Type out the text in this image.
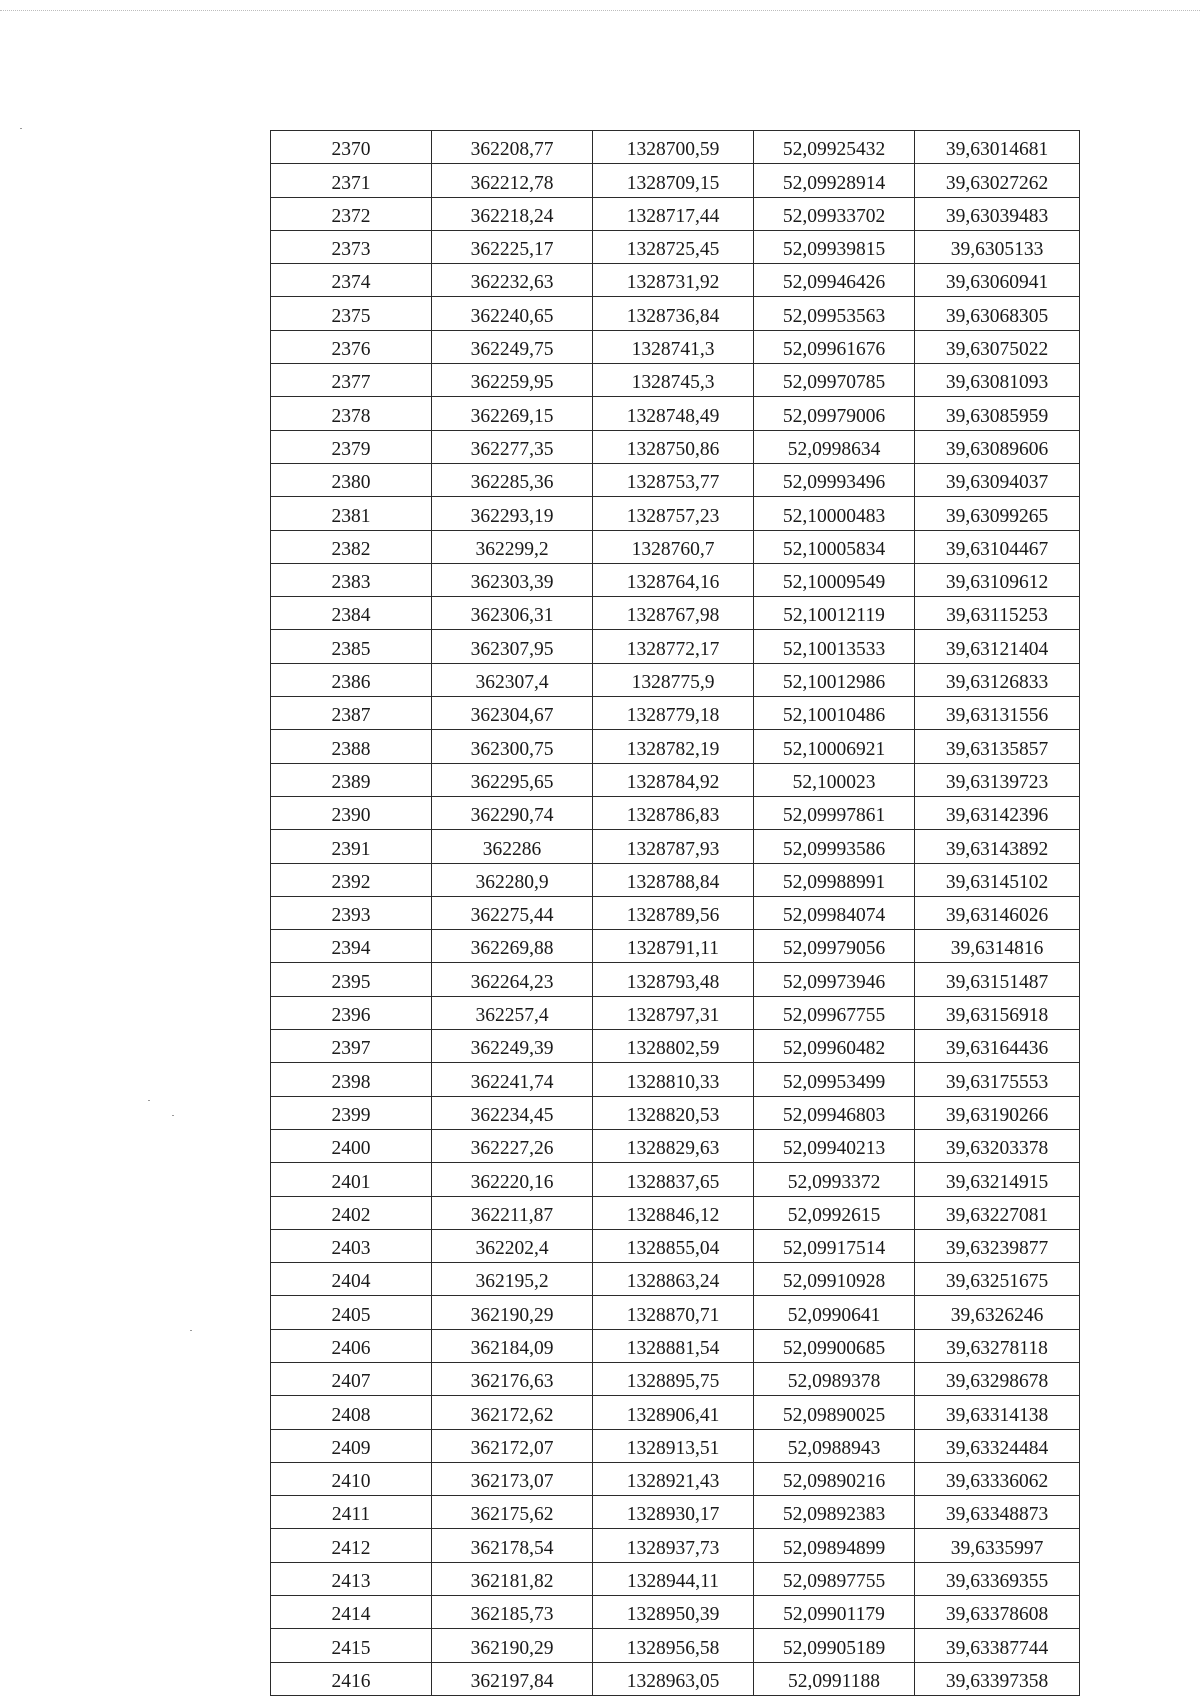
2370	362208,77	1328700,59	52,09925432	39,63014681
2371	362212,78	1328709,15	52,09928914	39,63027262
2372	362218,24	1328717,44	52,09933702	39,63039483
2373	362225,17	1328725,45	52,09939815	39,6305133
2374	362232,63	1328731,92	52,09946426	39,63060941
2375	362240,65	1328736,84	52,09953563	39,63068305
2376	362249,75	1328741,3	52,09961676	39,63075022
2377	362259,95	1328745,3	52,09970785	39,63081093
2378	362269,15	1328748,49	52,09979006	39,63085959
2379	362277,35	1328750,86	52,0998634	39,63089606
2380	362285,36	1328753,77	52,09993496	39,63094037
2381	362293,19	1328757,23	52,10000483	39,63099265
2382	362299,2	1328760,7	52,10005834	39,63104467
2383	362303,39	1328764,16	52,10009549	39,63109612
2384	362306,31	1328767,98	52,10012119	39,63115253
2385	362307,95	1328772,17	52,10013533	39,63121404
2386	362307,4	1328775,9	52,10012986	39,63126833
2387	362304,67	1328779,18	52,10010486	39,63131556
2388	362300,75	1328782,19	52,10006921	39,63135857
2389	362295,65	1328784,92	52,100023	39,63139723
2390	362290,74	1328786,83	52,09997861	39,63142396
2391	362286	1328787,93	52,09993586	39,63143892
2392	362280,9	1328788,84	52,09988991	39,63145102
2393	362275,44	1328789,56	52,09984074	39,63146026
2394	362269,88	1328791,11	52,09979056	39,6314816
2395	362264,23	1328793,48	52,09973946	39,63151487
2396	362257,4	1328797,31	52,09967755	39,63156918
2397	362249,39	1328802,59	52,09960482	39,63164436
2398	362241,74	1328810,33	52,09953499	39,63175553
2399	362234,45	1328820,53	52,09946803	39,63190266
2400	362227,26	1328829,63	52,09940213	39,63203378
2401	362220,16	1328837,65	52,0993372	39,63214915
2402	362211,87	1328846,12	52,0992615	39,63227081
2403	362202,4	1328855,04	52,09917514	39,63239877
2404	362195,2	1328863,24	52,09910928	39,63251675
2405	362190,29	1328870,71	52,0990641	39,6326246
2406	362184,09	1328881,54	52,09900685	39,63278118
2407	362176,63	1328895,75	52,0989378	39,63298678
2408	362172,62	1328906,41	52,09890025	39,63314138
2409	362172,07	1328913,51	52,0988943	39,63324484
2410	362173,07	1328921,43	52,09890216	39,63336062
2411	362175,62	1328930,17	52,09892383	39,63348873
2412	362178,54	1328937,73	52,09894899	39,6335997
2413	362181,82	1328944,11	52,09897755	39,63369355
2414	362185,73	1328950,39	52,09901179	39,63378608
2415	362190,29	1328956,58	52,09905189	39,63387744
2416	362197,84	1328963,05	52,0991188	39,63397358
